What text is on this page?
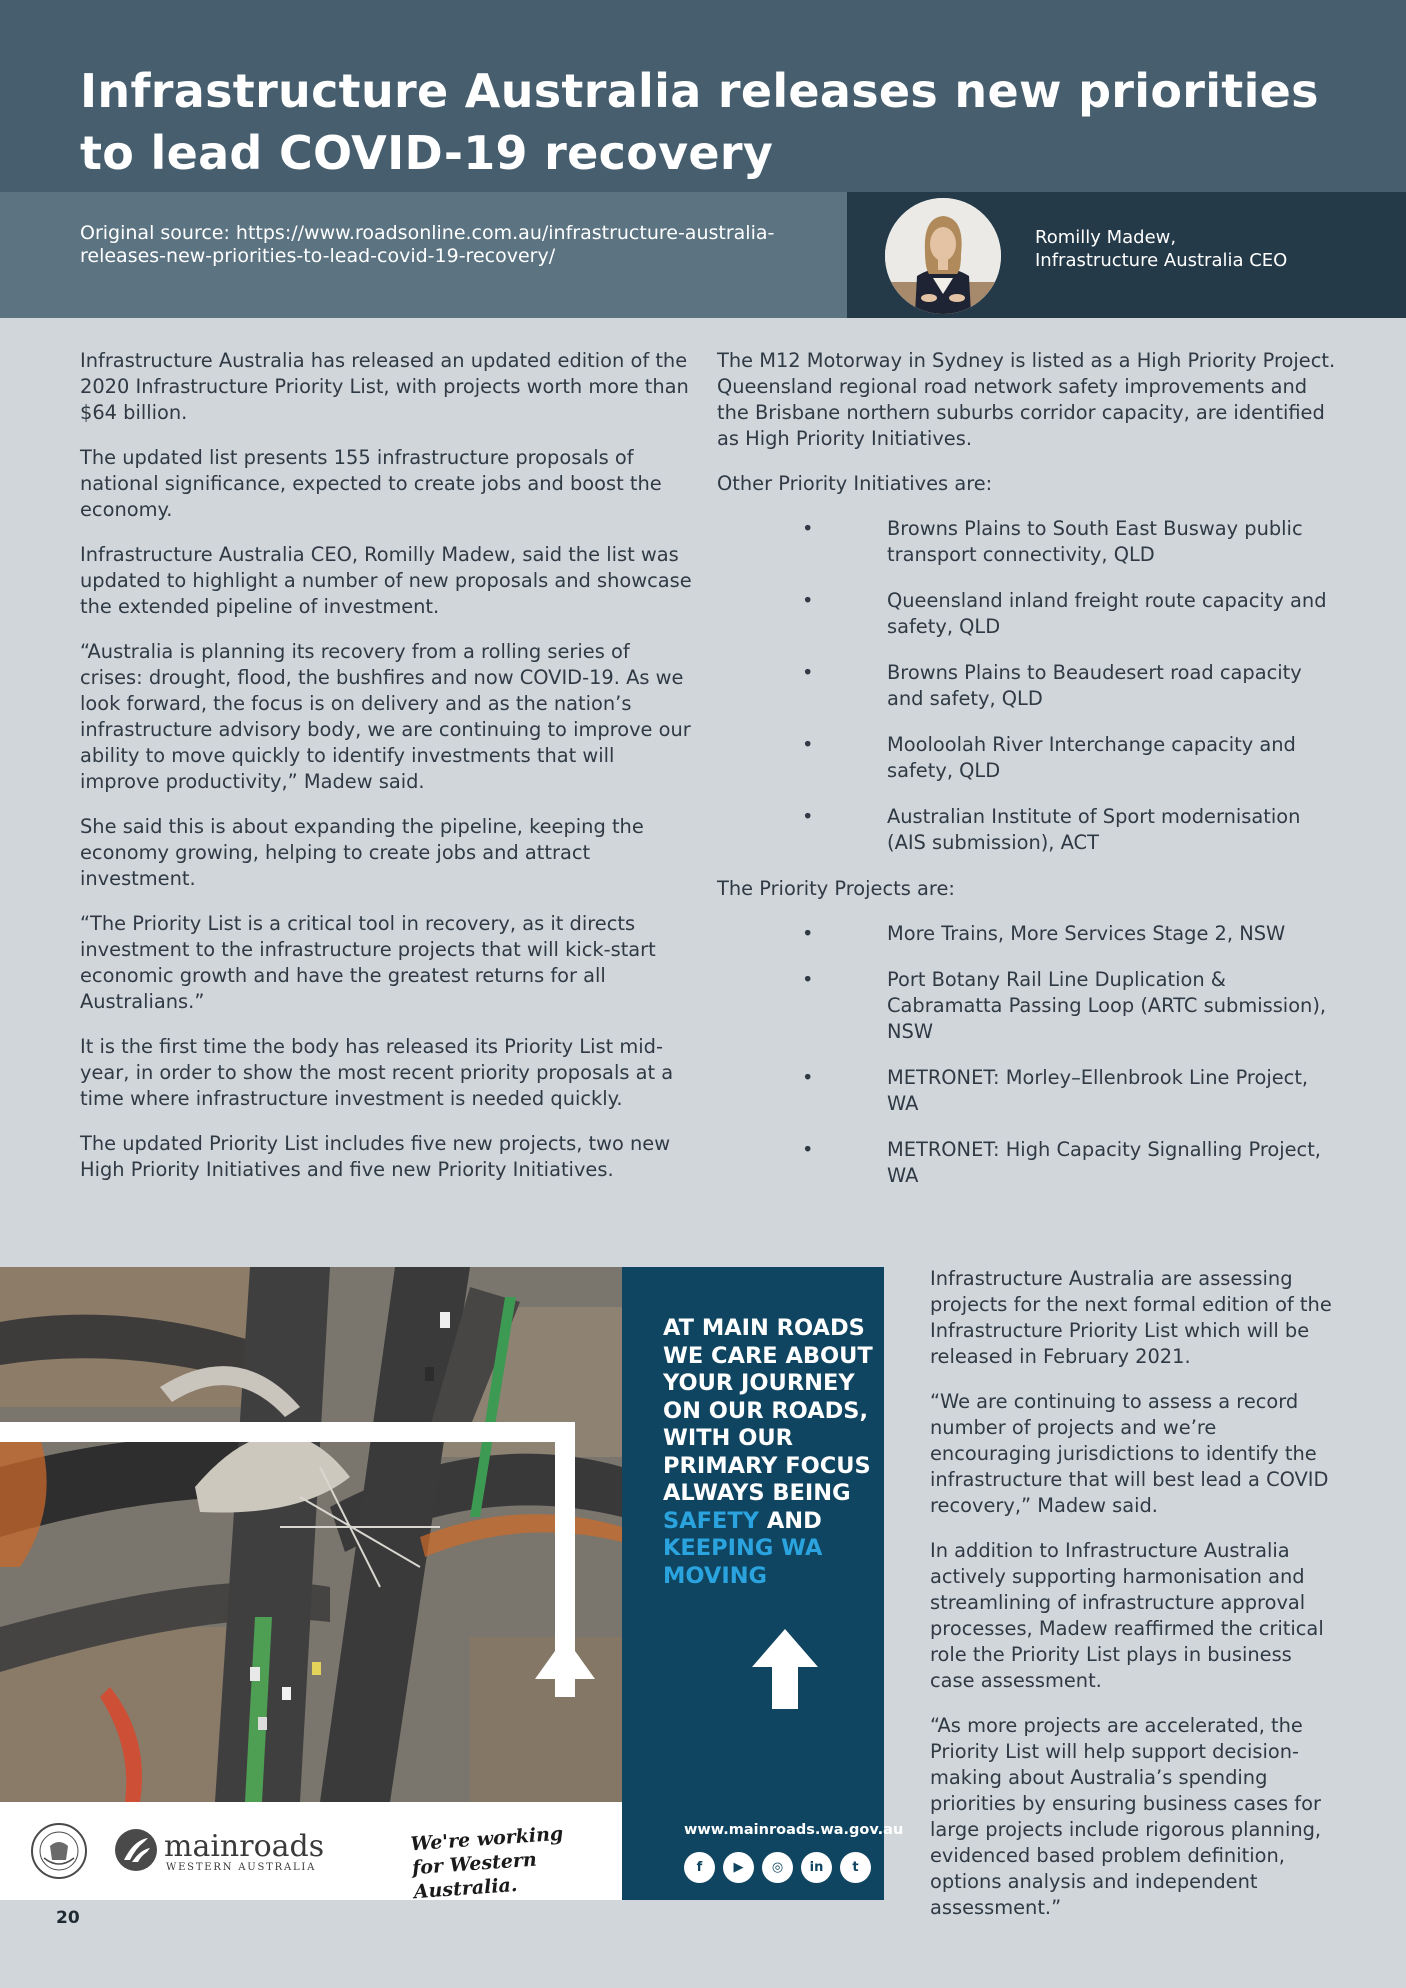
Infrastructure Australia releases new priorities to lead COVID-19 recovery

Original source: https://www.roadsonline.com.au/infrastructure-australia-releases-new-priorities-to-lead-covid-19-recovery/

Romilly Madew,
Infrastructure Australia CEO

Infrastructure Australia has released an updated edition of the 2020 Infrastructure Priority List, with projects worth more than $64 billion.

The updated list presents 155 infrastructure proposals of national significance, expected to create jobs and boost the economy.

Infrastructure Australia CEO, Romilly Madew, said the list was updated to highlight a number of new proposals and showcase the extended pipeline of investment.

“Australia is planning its recovery from a rolling series of crises: drought, flood, the bushfires and now COVID-19. As we look forward, the focus is on delivery and as the nation’s infrastructure advisory body, we are continuing to improve our ability to move quickly to identify investments that will improve productivity,” Madew said.

She said this is about expanding the pipeline, keeping the economy growing, helping to create jobs and attract investment.

“The Priority List is a critical tool in recovery, as it directs investment to the infrastructure projects that will kick-start economic growth and have the greatest returns for all Australians.”

It is the first time the body has released its Priority List mid-year, in order to show the most recent priority proposals at a time where infrastructure investment is needed quickly.

The updated Priority List includes five new projects, two new High Priority Initiatives and five new Priority Initiatives.

The M12 Motorway in Sydney is listed as a High Priority Project. Queensland regional road network safety improvements and the Brisbane northern suburbs corridor capacity, are identified as High Priority Initiatives.

Other Priority Initiatives are:

•	Browns Plains to South East Busway public transport connectivity, QLD
•	Queensland inland freight route capacity and safety, QLD
•	Browns Plains to Beaudesert road capacity and safety, QLD
•	Mooloolah River Interchange capacity and safety, QLD
•	Australian Institute of Sport modernisation (AIS submission), ACT

The Priority Projects are:

•	More Trains, More Services Stage 2, NSW
•	Port Botany Rail Line Duplication & Cabramatta Passing Loop (ARTC submission), NSW
•	METRONET: Morley–Ellenbrook Line Project, WA
•	METRONET: High Capacity Signalling Project, WA
AT MAIN ROADS WE CARE ABOUT YOUR JOURNEY ON OUR ROADS, WITH OUR PRIMARY FOCUS ALWAYS BEING SAFETY AND KEEPING WA MOVING
www.mainroads.wa.gov.au
f	▶	◎	in	t
mainroads
WESTERN AUSTRALIA
We're working for Western Australia.

Infrastructure Australia are assessing projects for the next formal edition of the Infrastructure Priority List which will be released in February 2021.

“We are continuing to assess a record number of projects and we’re encouraging jurisdictions to identify the infrastructure that will best lead a COVID recovery,” Madew said.

In addition to Infrastructure Australia actively supporting harmonisation and streamlining of infrastructure approval processes, Madew reaffirmed the critical role the Priority List plays in business case assessment.

“As more projects are accelerated, the Priority List will help support decision-making about Australia’s spending priorities by ensuring business cases for large projects include rigorous planning, evidenced based problem definition, options analysis and independent assessment.”

20
